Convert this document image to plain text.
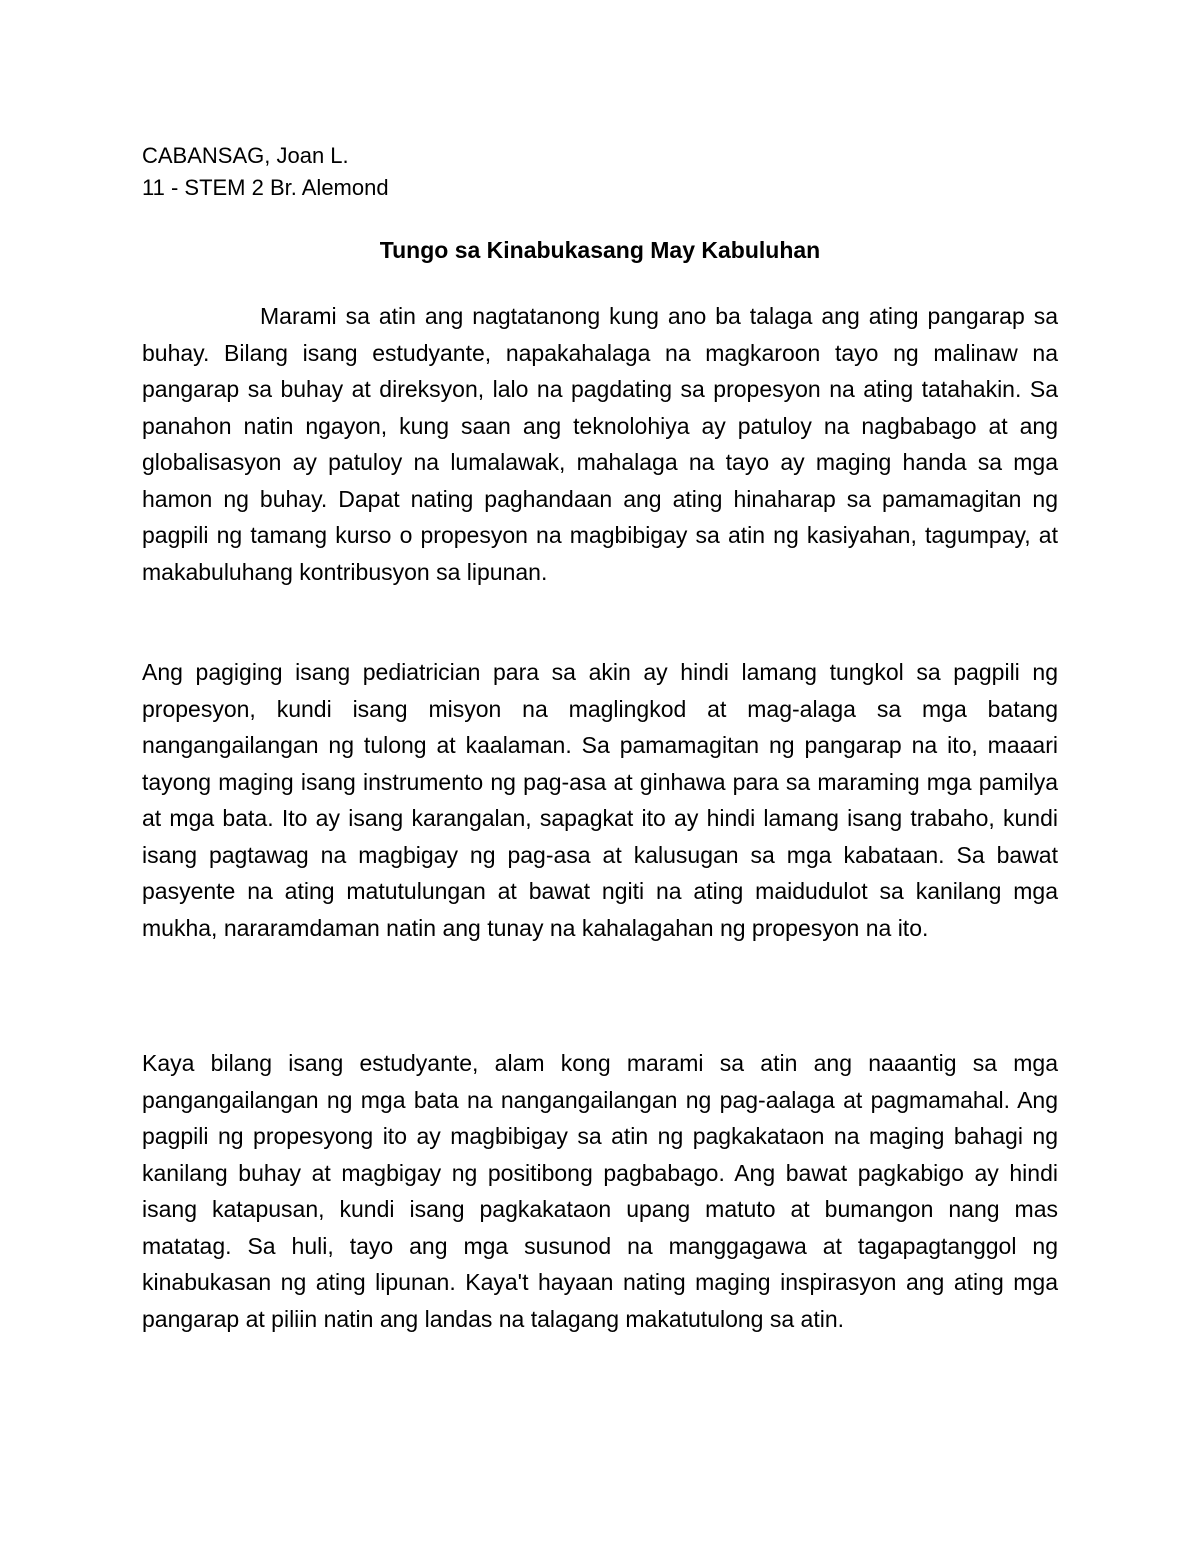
CABANSAG, Joan L.
11 - STEM 2 Br. Alemond
Tungo sa Kinabukasang May Kabuluhan

Marami sa atin ang nagtatanong kung ano ba talaga ang ating pangarap sa buhay. Bilang isang estudyante, napakahalaga na magkaroon tayo ng malinaw na pangarap sa buhay at direksyon, lalo na pagdating sa propesyon na ating tatahakin. Sa panahon natin ngayon, kung saan ang teknolohiya ay patuloy na nagbabago at ang globalisasyon ay patuloy na lumalawak, mahalaga na tayo ay maging handa sa mga hamon ng buhay. Dapat nating paghandaan ang ating hinaharap sa pamamagitan ng pagpili ng tamang kurso o propesyon na magbibigay sa atin ng kasiyahan, tagumpay, at makabuluhang kontribusyon sa lipunan.

Ang pagiging isang pediatrician para sa akin ay hindi lamang tungkol sa pagpili ng propesyon, kundi isang misyon na maglingkod at mag-alaga sa mga batang nangangailangan ng tulong at kaalaman. Sa pamamagitan ng pangarap na ito, maaari tayong maging isang instrumento ng pag-asa at ginhawa para sa maraming mga pamilya at mga bata. Ito ay isang karangalan, sapagkat ito ay hindi lamang isang trabaho, kundi isang pagtawag na magbigay ng pag-asa at kalusugan sa mga kabataan. Sa bawat pasyente na ating matutulungan at bawat ngiti na ating maidudulot sa kanilang mga mukha, nararamdaman natin ang tunay na kahalagahan ng propesyon na ito.

Kaya bilang isang estudyante, alam kong marami sa atin ang naaantig sa mga pangangailangan ng mga bata na nangangailangan ng pag-aalaga at pagmamahal. Ang pagpili ng propesyong ito ay magbibigay sa atin ng pagkakataon na maging bahagi ng kanilang buhay at magbigay ng positibong pagbabago. Ang bawat pagkabigo ay hindi isang katapusan, kundi isang pagkakataon upang matuto at bumangon nang mas matatag. Sa huli, tayo ang mga susunod na manggagawa at tagapagtanggol ng kinabukasan ng ating lipunan. Kaya't hayaan nating maging inspirasyon ang ating mga pangarap at piliin natin ang landas na talagang makatutulong sa atin.
